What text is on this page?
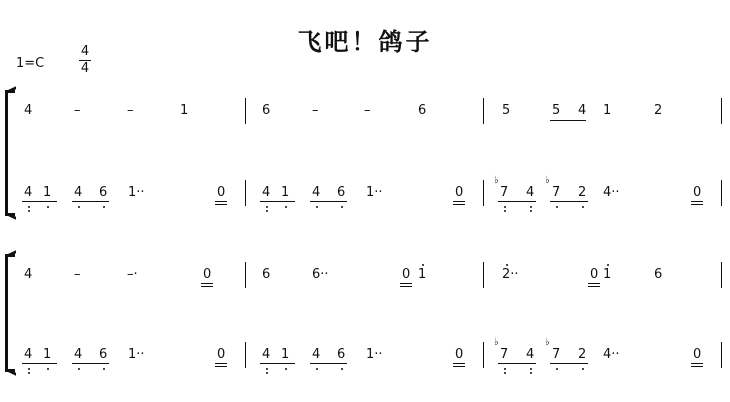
飞吧！鸽子
1=C
4
4
4	–	–	1	6	–	–	6	5	5 4 1	2
4 1 4 6 1··	0	4 1 4 6 1··	0	7 4 7 2 4··	0
♭	♭
4	–	–·	0	6	6··	0 1	2··	0 1	6
4 1 4 6 1··	0	4 1 4 6 1··	0	7 4 7 2 4··	0
♭	♭
